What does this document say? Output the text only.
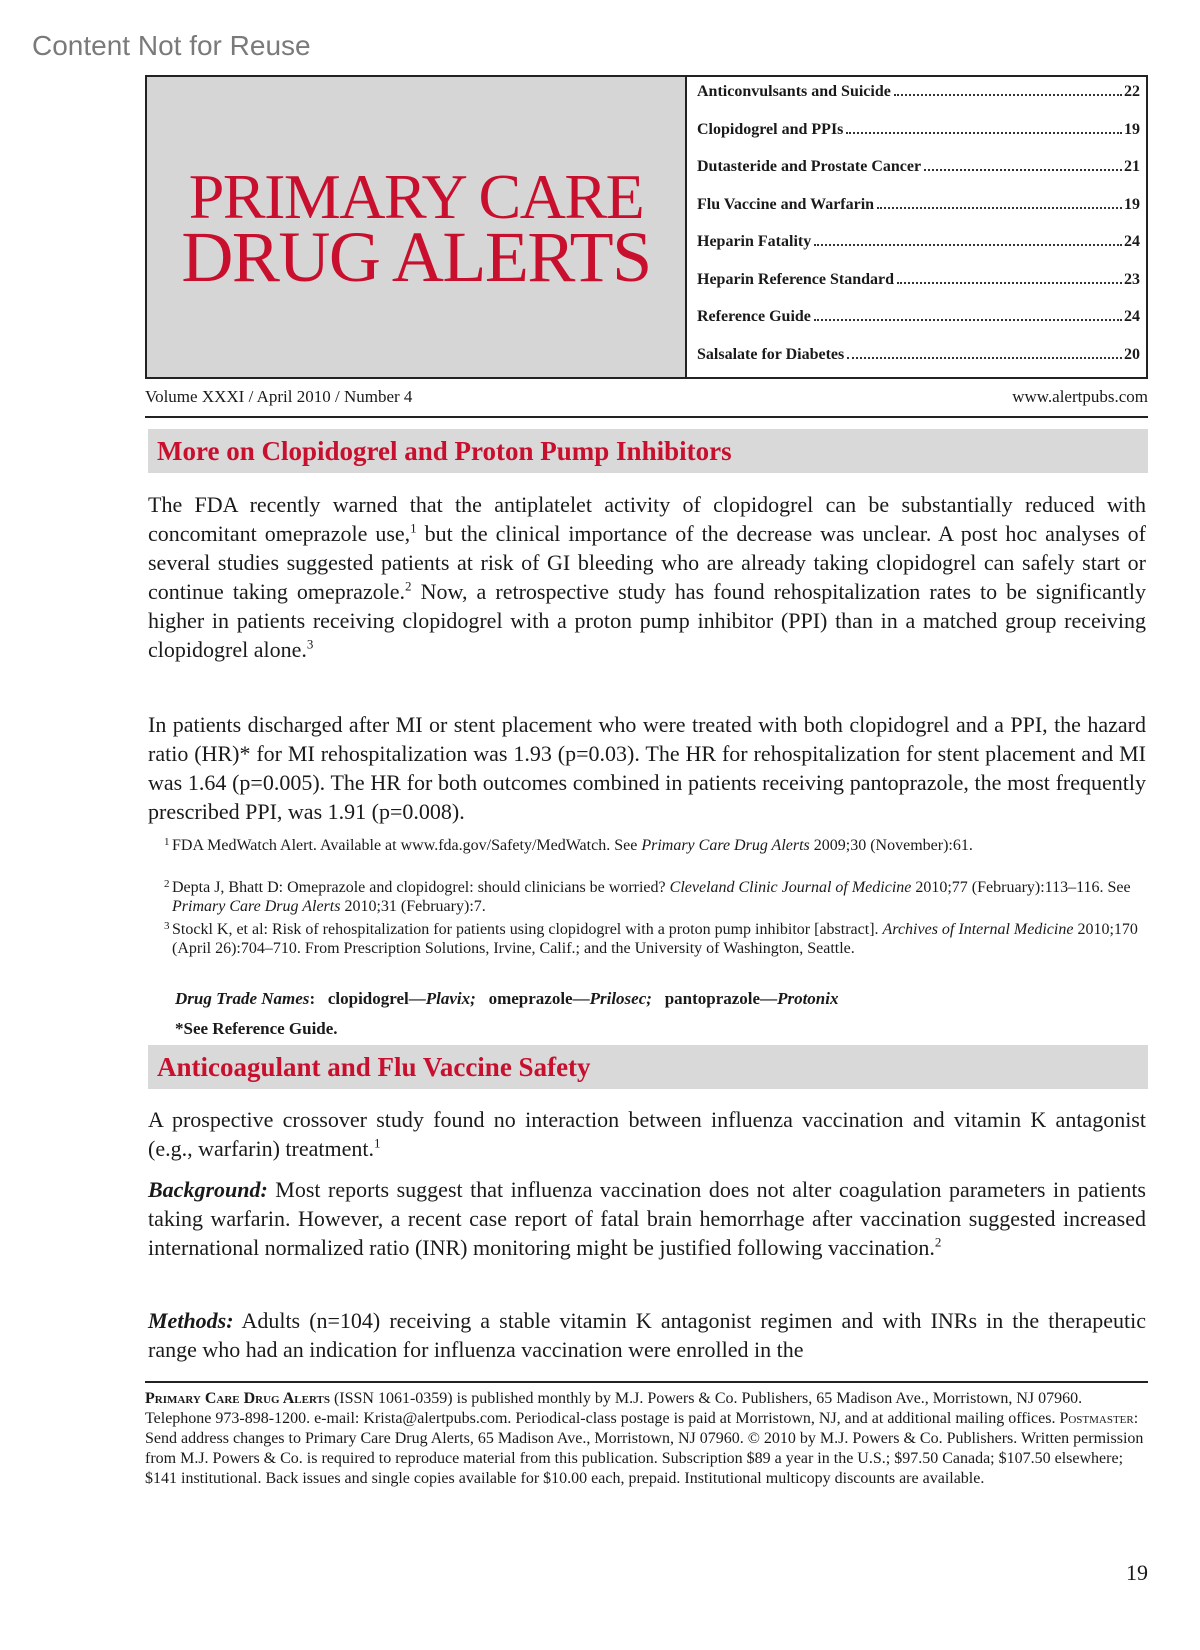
Content Not for Reuse
PRIMARY CARE
DRUG ALERTS
Anticonvulsants and Suicide	22
Clopidogrel and PPIs	19
Dutasteride and Prostate Cancer	21
Flu Vaccine and Warfarin	19
Heparin Fatality	24
Heparin Reference Standard	23
Reference Guide	24
Salsalate for Diabetes	20
Volume XXXI / April 2010 / Number 4	www.alertpubs.com
More on Clopidogrel and Proton Pump Inhibitors
The FDA recently warned that the antiplatelet activity of clopidogrel can be substantially reduced with concomitant omeprazole use,$^1$ but the clinical importance of the decrease was unclear. A post hoc analyses of several studies suggested patients at risk of GI bleeding who are already taking clopidogrel can safely start or continue taking omeprazole.$^2$ Now, a retrospective study has found rehospitalization rates to be significantly higher in patients receiving clopidogrel with a proton pump inhibitor (PPI) than in a matched group receiving clopidogrel alone.$^3$
In patients discharged after MI or stent placement who were treated with both clopidogrel and a PPI, the hazard ratio (HR)* for MI rehospitalization was 1.93 (p=0.03). The HR for rehospitalization for stent placement and MI was 1.64 (p=0.005). The HR for both outcomes combined in patients receiving pantoprazole, the most frequently prescribed PPI, was 1.91 (p=0.008).
1 FDA MedWatch Alert. Available at www.fda.gov/Safety/MedWatch. See Primary Care Drug Alerts 2009;30 (November):61.
2 Depta J, Bhatt D: Omeprazole and clopidogrel: should clinicians be worried? Cleveland Clinic Journal of Medicine 2010;77 (February):113–116. See Primary Care Drug Alerts 2010;31 (February):7.
3 Stockl K, et al: Risk of rehospitalization for patients using clopidogrel with a proton pump inhibitor [abstract]. Archives of Internal Medicine 2010;170 (April 26):704–710. From Prescription Solutions, Irvine, Calif.; and the University of Washington, Seattle.
Drug Trade Names: clopidogrel—Plavix; omeprazole—Prilosec; pantoprazole—Protonix
*See Reference Guide.
Anticoagulant and Flu Vaccine Safety
A prospective crossover study found no interaction between influenza vaccination and vitamin K antagonist (e.g., warfarin) treatment.$^1$
Background: Most reports suggest that influenza vaccination does not alter coagulation parameters in patients taking warfarin. However, a recent case report of fatal brain hemorrhage after vaccination suggested increased international normalized ratio (INR) monitoring might be justified following vaccination.$^2$
Methods: Adults (n=104) receiving a stable vitamin K antagonist regimen and with INRs in the therapeutic range who had an indication for influenza vaccination were enrolled in the
Primary Care Drug Alerts (ISSN 1061-0359) is published monthly by M.J. Powers & Co. Publishers, 65 Madison Ave., Morristown, NJ 07960. Telephone 973-898-1200. e-mail: Krista@alertpubs.com. Periodical-class postage is paid at Morristown, NJ, and at additional mailing offices. Postmaster: Send address changes to Primary Care Drug Alerts, 65 Madison Ave., Morristown, NJ 07960. © 2010 by M.J. Powers & Co. Publishers. Written permission from M.J. Powers & Co. is required to reproduce material from this publication. Subscription $89 a year in the U.S.; $97.50 Canada; $107.50 elsewhere; $141 institutional. Back issues and single copies available for $10.00 each, prepaid. Institutional multicopy discounts are available.
19
